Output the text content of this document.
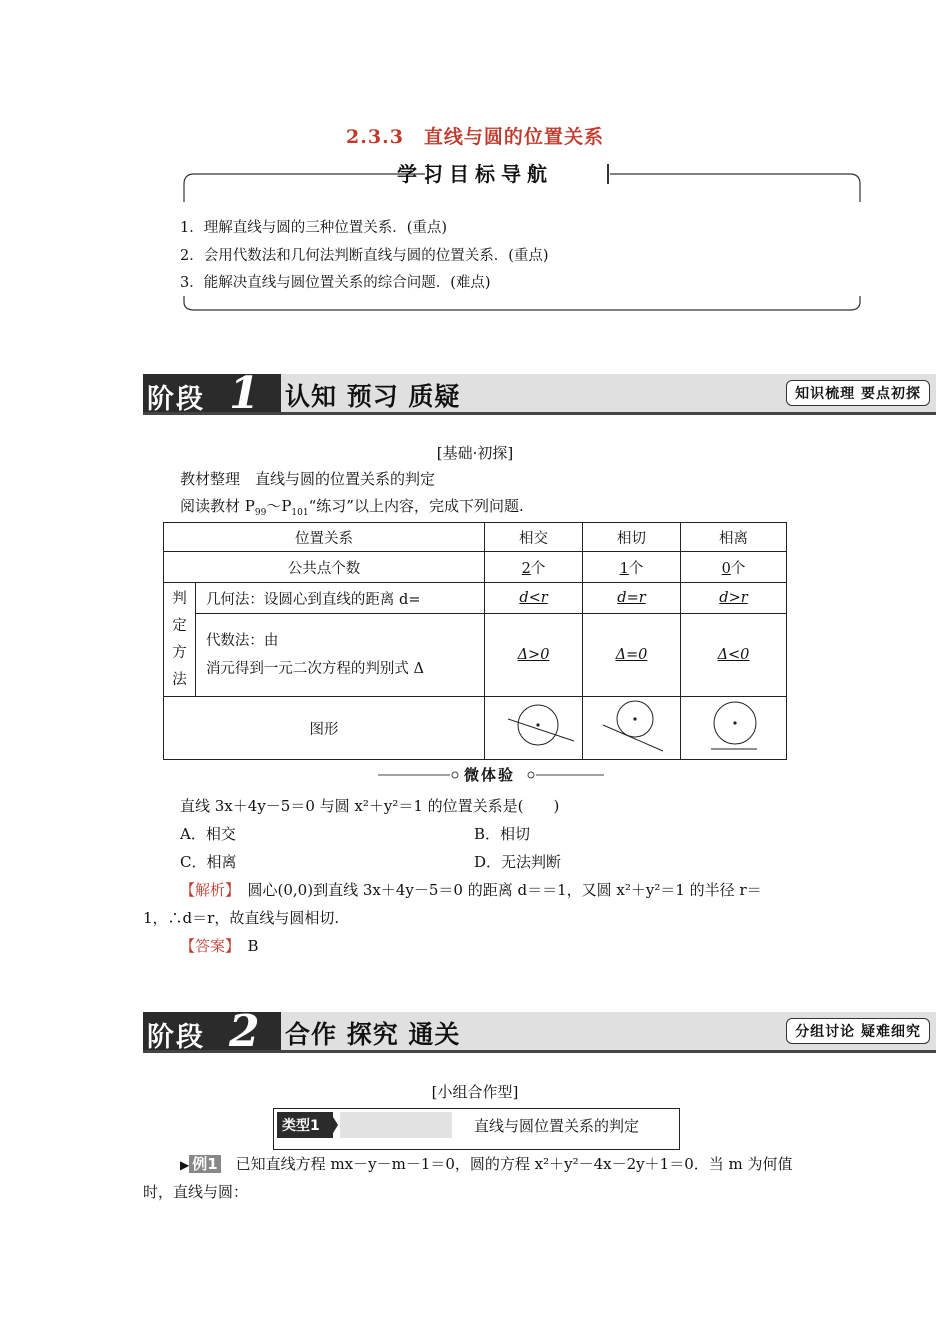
2.3.3　直线与圆的位置关系
学习目标导航
1．理解直线与圆的三种位置关系．(重点)
2．会用代数法和几何法判断直线与圆的位置关系．(重点)
3．能解决直线与圆位置关系的综合问题．(难点)
阶段 1 认知 预习 质疑	知识梳理 要点初探
[基础·初探]
教材整理　直线与圆的位置关系的判定
阅读教材 $P_{99}\sim P_{101}“$练习”以上内容，完成下列问题.
位置关系		相交	相切	相离
公共点个数		2个	1个	0个

判
定
方
法	几何法：设圆心到直线的距离 d=	d<r	d=r	d>r

	代数法：由
消元得到一元二次方程的判别式 Δ	Δ>0	Δ=0	Δ<0
图形			
微体验
直线 3x＋4y－5＝0 与圆 x²＋y²＝1 的位置关系是(　　)
A．相交	B．相切
C．相离	D．无法判断
【解析】　圆心(0,0)到直线 3x＋4y－5＝0 的距离 d＝＝1，又圆 x²＋y²＝1 的半径 r＝
1，∴d＝r，故直线与圆相切.
【答案】　B
阶段 2 合作 探究 通关	分组讨论 疑难细究
[小组合作型]
类型1	直线与圆位置关系的判定
▶ 例1　已知直线方程 mx－y－m－1＝0，圆的方程 x²＋y²－4x－2y＋1＝0．当 m 为何值
时，直线与圆：
